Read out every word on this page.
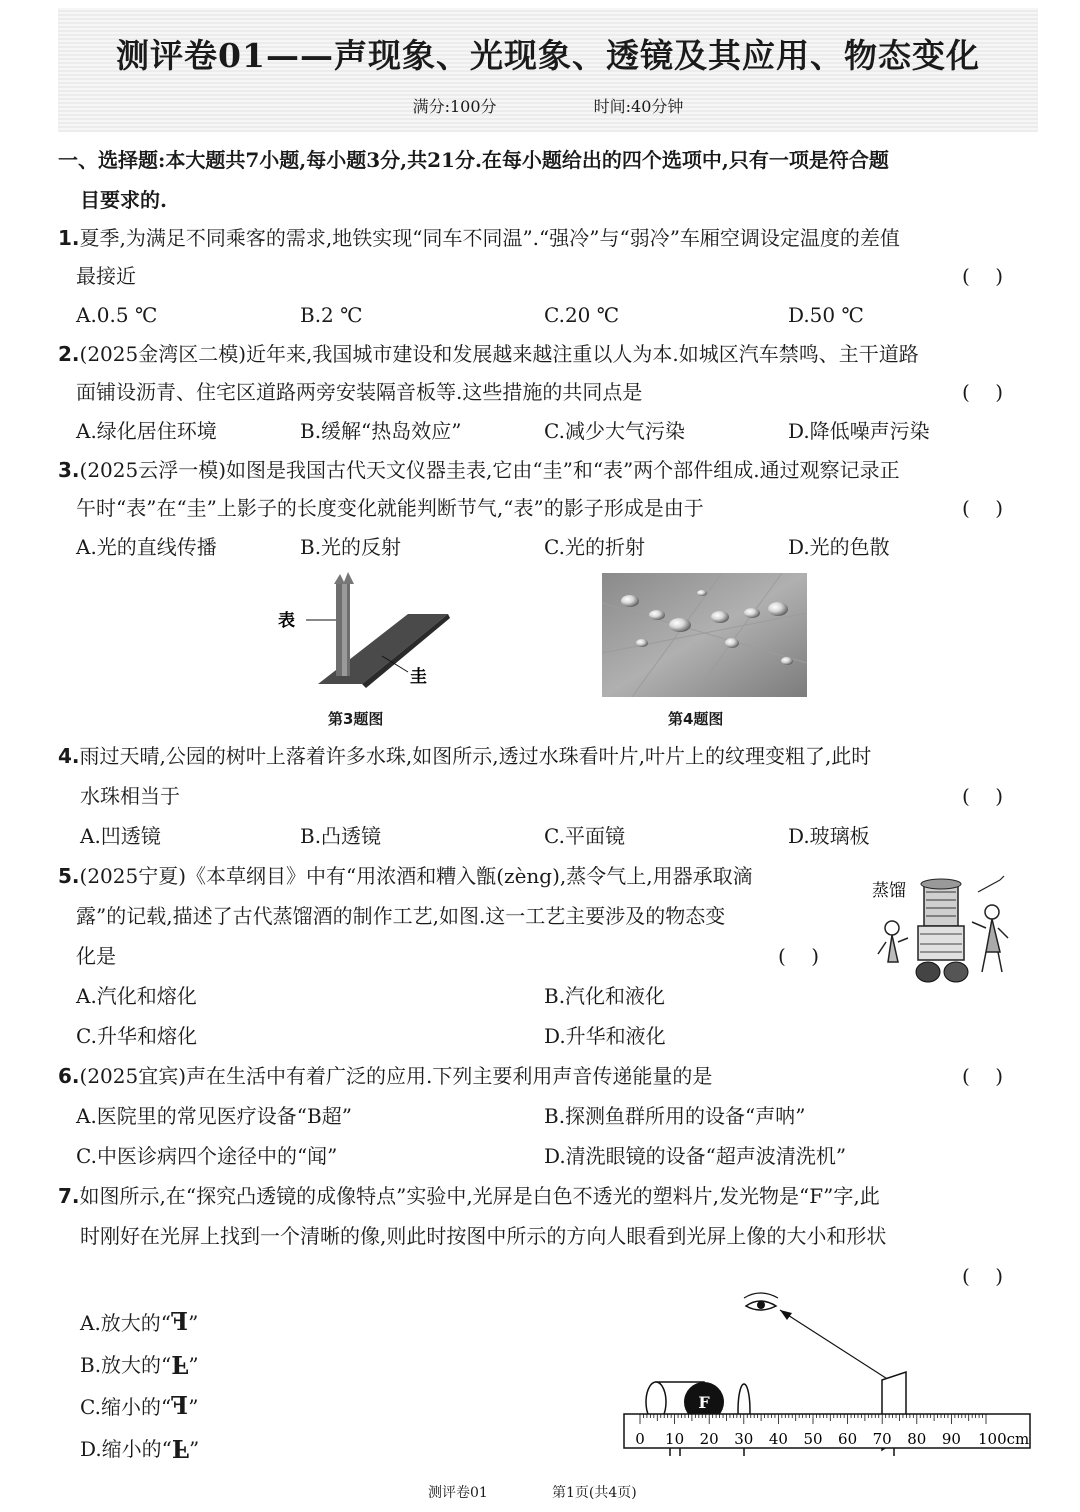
测评卷01——声现象、光现象、透镜及其应用、物态变化
满分:100分	时间:40分钟
一、选择题:本大题共7小题,每小题3分,共21分.在每小题给出的四个选项中,只有一项是符合题
目要求的.
1.夏季,为满足不同乘客的需求,地铁实现“同车不同温”.“强冷”与“弱冷”车厢空调设定温度的差值
最接近	(    )
A.0.5 ℃	B.2 ℃	C.20 ℃	D.50 ℃
2.(2025金湾区二模)近年来,我国城市建设和发展越来越注重以人为本.如城区汽车禁鸣、主干道路
面铺设沥青、住宅区道路两旁安装隔音板等.这些措施的共同点是	(    )
A.绿化居住环境	B.缓解“热岛效应”	C.减少大气污染	D.降低噪声污染
3.(2025云浮一模)如图是我国古代天文仪器圭表,它由“圭”和“表”两个部件组成.通过观察记录正
午时“表”在“圭”上影子的长度变化就能判断节气,“表”的影子形成是由于	(    )
A.光的直线传播	B.光的反射	C.光的折射	D.光的色散
表
圭
第3题图	第4题图
4.雨过天晴,公园的树叶上落着许多水珠,如图所示,透过水珠看叶片,叶片上的纹理变粗了,此时
水珠相当于	(    )
A.凹透镜	B.凸透镜	C.平面镜	D.玻璃板
5.(2025宁夏)《本草纲目》中有“用浓酒和糟入甑(zèng),蒸令气上,用器承取滴
露”的记载,描述了古代蒸馏酒的制作工艺,如图.这一工艺主要涉及的物态变
化是	(    )
A.汽化和熔化	B.汽化和液化
C.升华和熔化	D.升华和液化
蒸馏
6.(2025宜宾)声在生活中有着广泛的应用.下列主要利用声音传递能量的是	(    )
A.医院里的常见医疗设备“B超”	B.探测鱼群所用的设备“声呐”
C.中医诊病四个途径中的“闻”	D.清洗眼镜的设备“超声波清洗机”
7.如图所示,在“探究凸透镜的成像特点”实验中,光屏是白色不透光的塑料片,发光物是“F”字,此
时刚好在光屏上找到一个清晰的像,则此时按图中所示的方向人眼看到光屏上像的大小和形状
(    )
A.放大的“F”
B.放大的“F”
C.缩小的“F”
D.缩小的“F”
F
0 10 20 30 40 50 60 70 80 90 100cm
测评卷01	第1页(共4页)
